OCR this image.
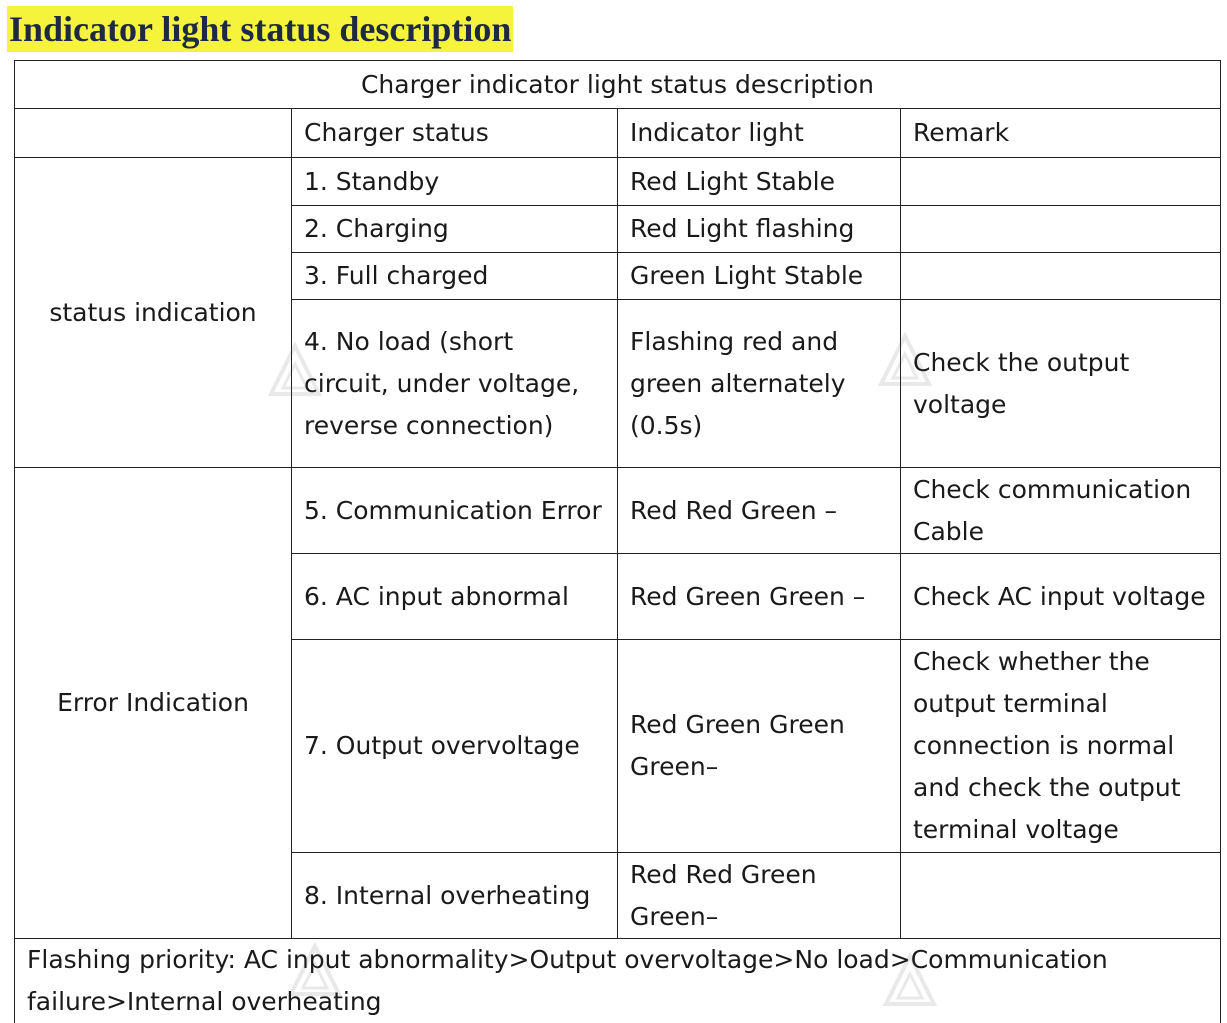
Indicator light status description
Charger indicator light status description			
	Charger status	Indicator light	Remark
status indication	1. Standby	Red Light Stable	
	2. Charging	Red Light flashing	
	3. Full charged	Green Light Stable	
	4. No load (short circuit, under voltage, reverse connection)	Flashing red and green alternately (0.5s)	Check the output voltage
Error Indication	5. Communication Error	Red Red Green –	Check communication Cable
	6. AC input abnormal	Red Green Green –	Check AC input voltage
	7. Output overvoltage	Red Green Green Green–	Check whether the output terminal connection is normal and check the output terminal voltage
	8. Internal overheating	Red Red Green Green–	
Flashing priority: AC input abnormality>Output overvoltage>No load>Communication failure>Internal overheating			
